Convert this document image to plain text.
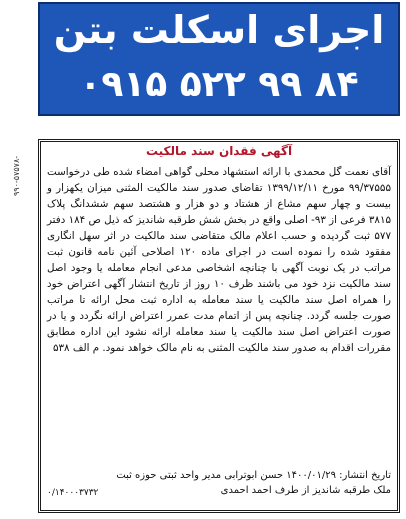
اجرای اسکلت بتن
۰۹۱۵ ۵۲۲ ۹۹ ۸۴
۹۹۰-۵۷۵۷۸-
آگهی فقدان سند مالکیت
آقای نعمت گل محمدی با ارائه استشهاد محلی گواهی امضاء شده طی درخواست ۹۹/۳۷۵۵۵ مورخ ۱۳۹۹/۱۲/۱۱ تقاضای صدور سند مالکیت المثنی میزان یکهزار و بیست و چهار سهم مشاع از هشتاد و دو هزار و هشتصد سهم ششدانگ پلاک ۳۸۱۵ فرعی از ۹۳- اصلی واقع در بخش شش طرقبه شاندیز که ذیل ص ۱۸۴ دفتر ۵۷۷ ثبت گردیده و حسب اعلام مالک متقاضی سند مالکیت در اثر سهل انگاری مفقود شده را نموده است در اجرای ماده ۱۲۰ اصلاحی آئین نامه قانون ثبت مراتب در یک نوبت آگهی با چنانچه اشخاصی مدعی انجام معامله یا وجود اصل سند مالکیت نزد خود می باشند ظرف ۱۰ روز از تاریخ انتشار آگهی اعتراض خود را همراه اصل سند مالکیت یا سند معامله به اداره ثبت محل ارائه تا مراتب صورت جلسه گردد. چنانچه پس از اتمام مدت عمرر اعتراض ارائه نگردد و یا در صورت اعتراض اصل سند مالکیت یا سند معامله ارائه نشود این اداره مطابق مقررات اقدام به صدور سند مالکیت المثنی به نام مالک خواهد نمود. م الف ۵۳۸
تاریخ انتشار: ۱۴۰۰/۰۱/۲۹ حسن ابوترابی مدیر واحد ثبتی حوزه ثبت
ملک طرقبه شاندیز از طرف احمد احمدی
۰/۱۴۰۰۰۳۷۳۲
